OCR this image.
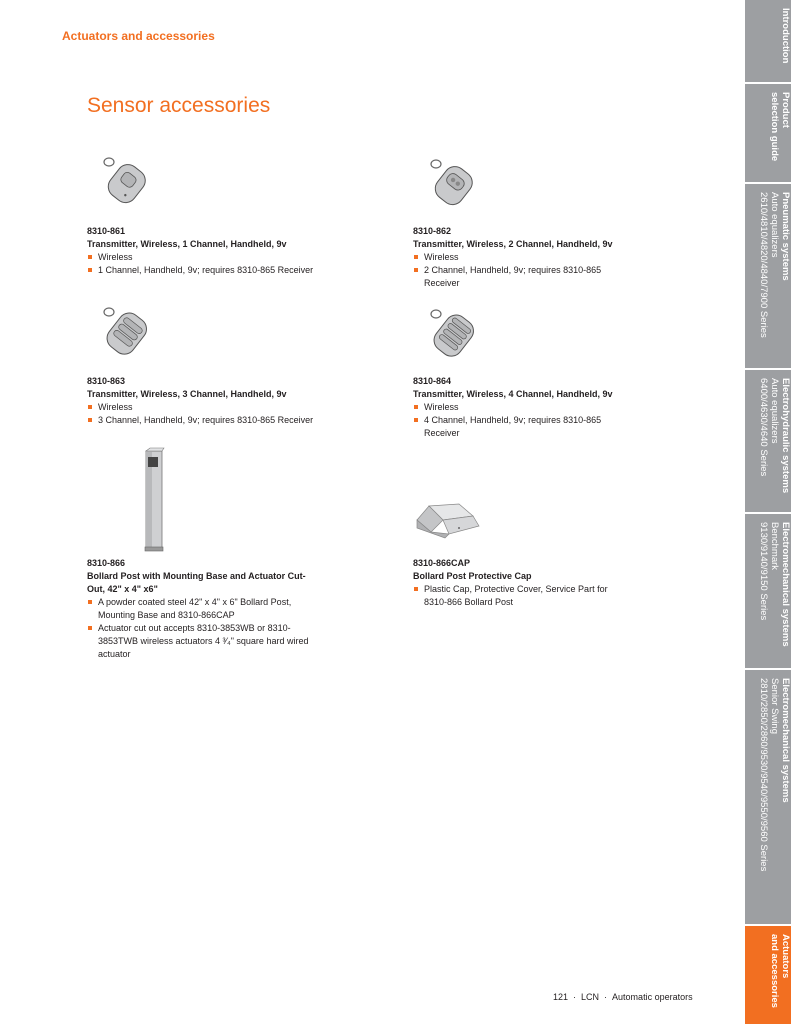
Actuators and accessories
Sensor accessories
8310-861
Transmitter, Wireless, 1 Channel, Handheld, 9v
Wireless
1 Channel, Handheld, 9v; requires 8310-865 Receiver
8310-862
Transmitter, Wireless, 2 Channel, Handheld, 9v
Wireless
2 Channel, Handheld, 9v; requires 8310-865 Receiver
8310-863
Transmitter, Wireless, 3 Channel, Handheld, 9v
Wireless
3 Channel, Handheld, 9v; requires 8310-865 Receiver
8310-864
Transmitter, Wireless, 4 Channel, Handheld, 9v
Wireless
4 Channel, Handheld, 9v; requires 8310-865 Receiver
8310-866
Bollard Post with Mounting Base and Actuator Cut-Out, 42" x 4" x6"
A powder coated steel 42" x 4" x 6" Bollard Post, Mounting Base and 8310-866CAP
Actuator cut out accepts 8310-3853WB or 8310- 3853TWB wireless actuators 4 ³⁄₄" square hard wired actuator
8310-866CAP
Bollard Post Protective Cap
Plastic Cap, Protective Cover, Service Part for 8310-866 Bollard Post
Introduction
Product
selection guide
Pneumatic systems
Auto equalizers
2610/4810/4820/4840/7900 Series
Electrohydraulic systems
Auto equalizers
6400/4630/4640 Series
Electromechanical systems
Benchmark
9130/9140/9150 Series
Electromechanical systems
Senior Swing
2810/2850/2860/9530/9540/9550/9560 Series
Actuators
and accessories
121 · LCN · Automatic operators
